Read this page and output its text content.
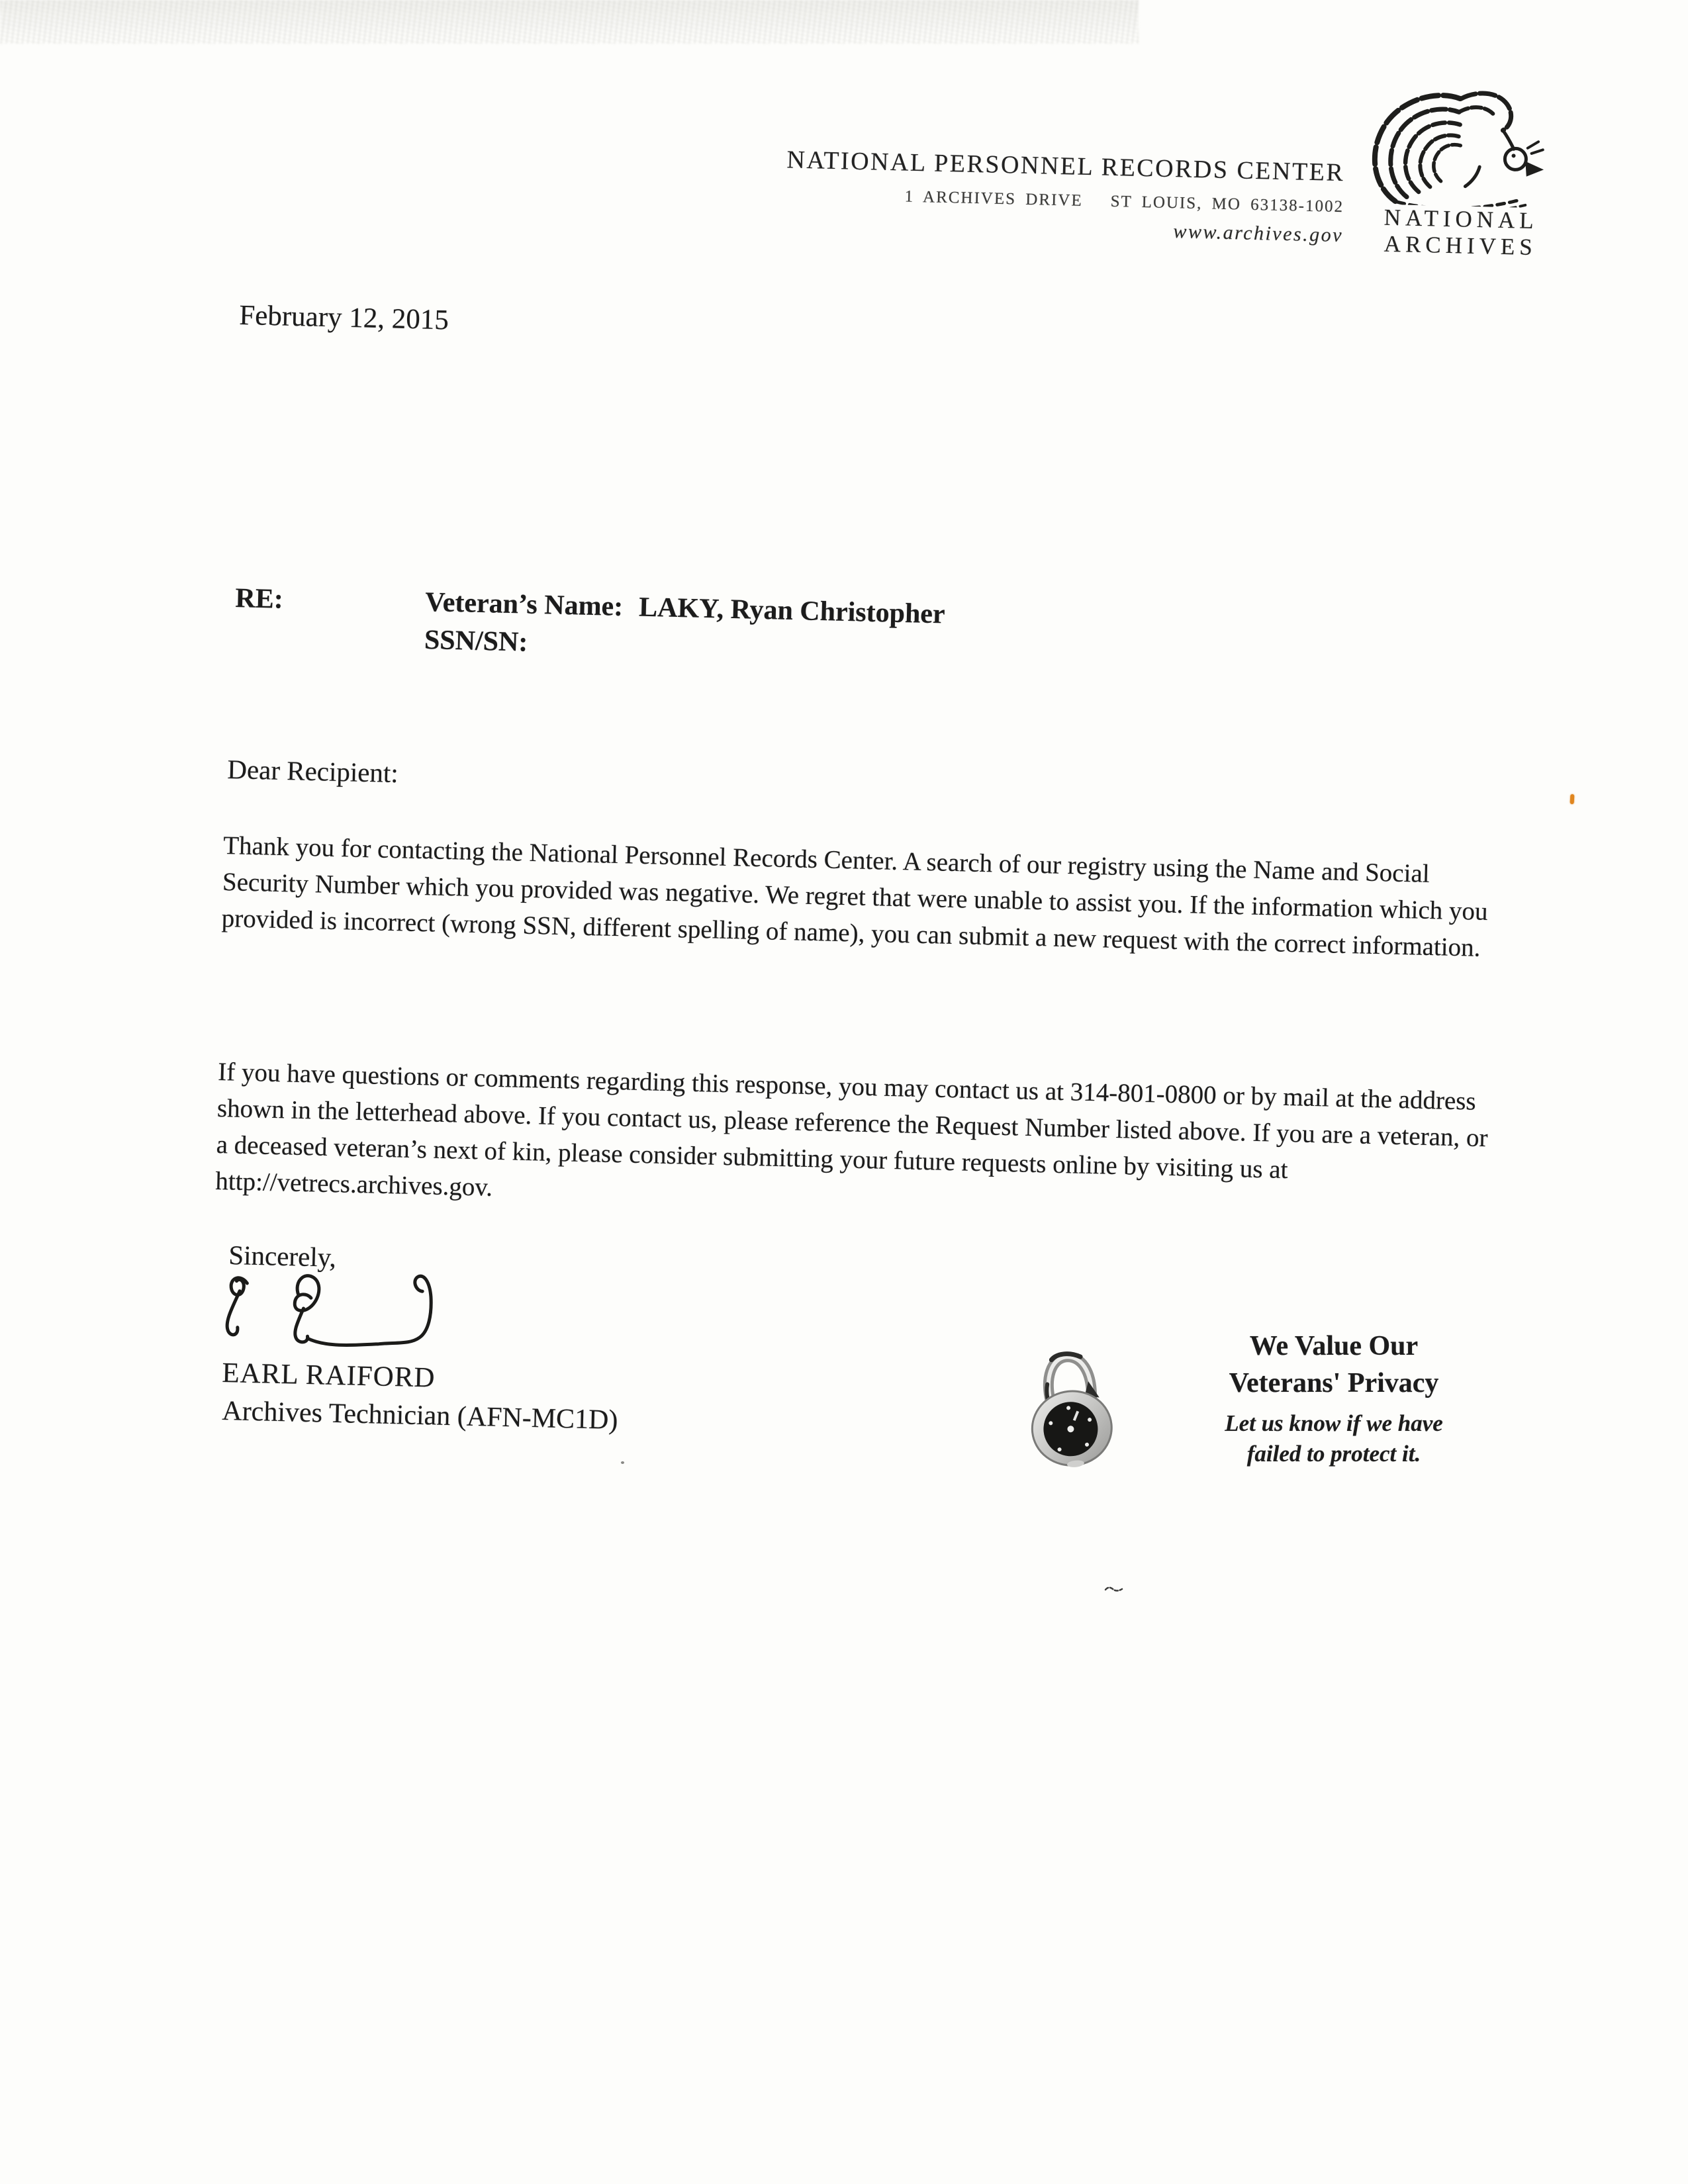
NATIONAL PERSONNEL RECORDS CENTER
1 ARCHIVES DRIVE ST LOUIS, MO 63138-1002
www.archives.gov	NATIONAL
ARCHIVES
February 12, 2015
RE:	Veteran’s Name: LAKY, Ryan Christopher
SSN/SN:
Dear Recipient:
Thank you for contacting the National Personnel Records Center. A search of our registry using the Name and Social Security Number which you provided was negative. We regret that were unable to assist you. If the information which you provided is incorrect (wrong SSN, different spelling of name), you can submit a new request with the correct information.
If you have questions or comments regarding this response, you may contact us at 314-801-0800 or by mail at the address shown in the letterhead above. If you contact us, please reference the Request Number listed above. If you are a veteran, or a deceased veteran’s next of kin, please consider submitting your future requests online by visiting us at http://vetrecs.archives.gov.
Sincerely,
EARL RAIFORD
Archives Technician (AFN-MC1D)
We Value Our
Veterans' Privacy
Let us know if we have
failed to protect it.
